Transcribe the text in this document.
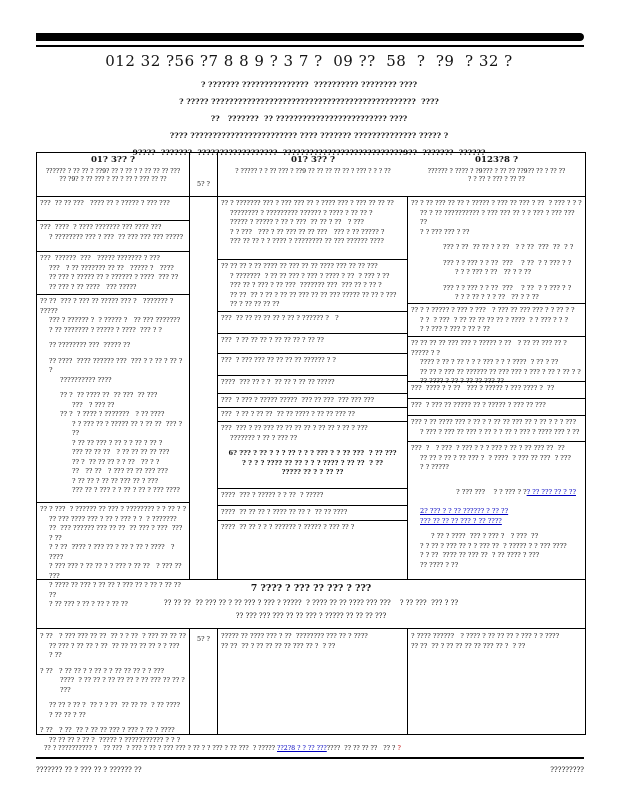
012 32 ?56 ?7 8 8 9 ? 3 7 ?  09 ??  58  ?  ?9  ? 32 ?
? ??????? ???????????????  ?????????? ???????? ????
? ????? ??????????????????????????????????????????????  ????
??   ???????  ?? ????????????????????????? ????
???? ???????????????????????? ???? ??????? ?????????????? ????? ?
9????  ???????  ??????????????????  ???????????????????????????9??  ???????  ??????
01? 3?? ?
?????? ? ?? ?? ? ??9? ?? ? ?? ? ? ?? ?? ?? ???
?? ?9? ? ?? ??? ? ?? ? ?? ? ??? ?? ??	5? ?
01? 3?? ?
? ????? ? ? ?? ??? ? ??9 ?? ?? ?? ?? ?? ? ??? ? ? ? ??
0123?8 ?
?????? ? ???? ? ?9??? ? ?? ?? ??9?? ?? ? ?? ??
? ? ?? ? ??? ? ?? ??
???  ?? ?? ???   ???? ?? ? ????? ? ??? ???
???  ????  ? ???? ??????? ??? ???? ???
? ???????? ??? ? ???  ?? ??? ??? ??? ?????
???  ??????  ???   ????? ??????? ? ???
???   ? ?? ??????? ?? ??   ????? ?   ????
?? ??? ? ????? ?? ? ?????? ? ????  ??? ??
?? ??? ? ?? ????   ??? ?????
?? ??  ??? ? ??? ?? ????? ??? ?   ??????? ? ?????
??? ? ?????? ?  ? ????? ?   ?? ??? ???????
? ?? ??????? ? ????? ? ????  ??? ? ?
?? ???????? ???  ????? ??
?? ????  ???? ?????? ???  ??? ? ? ?? ? ?? ? ?
?????????? ????
?? ?  ?? ???? ??  ?? ???  ?? ???
???   ? ??? ??
?? ?  ? ???? ? ???????   ? ?? ????
? ? ??? ?? ? ????? ?? ? ?? ??  ??? ? ??
? ?? ?? ??? ? ?? ? ? ?? ? ?? ?
??? ?? ?? ??   ? ?? ?? ?? ?? ???
?? ?  ?? ?? ?? ? ? ??   ?? ? ?
??   ?? ??   ? ??? ?? ?? ??? ???
? ?? ?? ? ?? ?? ??? ?? ? ???
??? ?? ? ??? ? ? ?? ? ?? ? ??? ????
?? ? ???  ? ?????? ?? ??? ? ???????? ? ? ?? ? ?
?? ??? ???? ??? ? ?? ? ??? ? ?  ? ???????
??  ??? ?????? ??? ?? ??  ?? ??? ? ???  ??? ? ??
? ? ??  ???? ? ??? ?? ? ?? ? ?? ? ????   ? ????
? ??? ??? ? ?? ?? ? ? ??? ? ?? ??   ? ??? ?? ???
? ???? ?? ??? ? ?? ?? ? ??? ?? ? ?? ? ?? ?? ??
? ?? ??? ? ?? ? ?? ? ?? ??
?? ? ??????? ??? ? ??? ??? ?? ? ???? ??? ? ??? ?? ?? ??
???????? ? ????????? ?????? ? ???? ? ?? ?? ?
????? ? ????? ? ?? ? ???  ?? ?? ? ??   ? ???
? ? ???   ??? ? ?? ??? ?? ?? ???   ??? ? ?? ????? ?
??? ?? ?? ? ? ???? ? ???????? ?? ??? ?????? ????
?? ?? ?? ? ?? ???? ?? ??? ?? ?? ???? ??? ?? ?? ???
? ???????  ? ?? ?? ??? ? ??? ? ???? ? ??  ? ??? ? ??
??? ?? ? ??? ? ?? ???  ??????? ???  ??? ?? ? ?? ?
?? ??  ?? ? ?? ? ?? ?? ??? ?? ?? ??? ????? ?? ?? ? ???
?? ? ?? ?? ?? ??
???  ?? ?? ?? ?? ?? ? ?? ? ?????? ?   ?
???  ? ?? ?? ?? ? ?? ?? ?? ? ?? ??
???  ? ??? ??? ?? ?? ?? ?? ?????? ? ?
????  ??? ?? ? ?  ?? ?? ? ?? ?? ?????
???  ? ??? ? ????? ?????  ??? ?? ???  ??? ??? ???
???  ? ?? ? ?? ??  ?? ?? ???? ? ?? ?? ??? ??
???  ??? ? ?? ??? ?? ?? ?? ?? ? ?? ?? ? ?? ? ???
??????? ? ?? ? ??? ??
6? ??? ? ?? ? ? ? ?? ? ? ? ??? ? ? ?? ???  ? ?? ???
? ? ? ? ???? ?? ?? ? ? ? ???? ? ?? ??  ? ??
????? ?? ? ? ?? ??
????  ??? ? ????? ? ? ??  ? ?????
????  ?? ?? ?? ? ???? ?? ?? ?  ?? ?? ????
????  ?? ?? ? ? ? ?????? ? ????? ? ??? ?? ?
?? ? ?? ??? ?? ?? ? ????? ? ??? ?? ??? ? ??  ? ??? ? ? ?
?? ? ?? ?????????? ? ??? ??? ?? ? ? ??? ? ??? ??? ??
? ? ??? ??? ? ??
??? ? ??  ?? ?? ? ? ??   ? ? ??  ???  ??  ? ?
??? ? ? ??? ? ? ??  ???    ? ??  ? ? ??? ? ?
? ? ? ??? ? ??   ?? ? ? ??
??? ? ? ??? ? ? ??  ???    ? ??  ? ? ??? ? ?
? ? ? ?? ? ? ? ??   ?? ? ? ??
?? ? ? ????? ? ??? ? ???   ? ??? ?? ??? ??? ? ? ?? ? ?
? ?  ? ???  ? ?? ?? ?? ?? ?? ? ????  ? ? ??? ? ? ?
? ? ??? ? ??? ? ?? ? ??
?? ?? ?? ?? ??? ??? ? ????? ? ??   ? ?? ?? ??? ?? ? ????? ? ?
???? ? ?? ? ?? ? ? ? ??? ? ? ? ????  ? ?? ? ??
?? ?? ? ??? ?? ?????? ?? ??? ??? ? ??? ? ?? ? ?? ? ?
?? ???? ? ?? ? ?? ?? ??? ??
???  ???? ? ? ??   ??? ? ????? ? ??? ???? ?  ??
???  ? ??? ?? ????? ?? ? ????? ? ??? ?? ???
??? ? ?? ???? ??? ? ?? ? ? ?? ?? ??? ?? ? ?? ? ? ? ???
? ??? ? ??? ?? ??? ? ?? ? ? ?? ? ??? ? ???? ??? ? ??
???  ?   ? ???  ? ??? ? ? ? ??? ? ?? ? ?? ??? ??  ??
?? ?? ? ?? ? ?? ??? ?  ? ????  ? ??? ?? ???  ? ???
? ? ?????

? ??? ???    ? ? ??? ? ?? ?? ??? ?? ? ??

2? ??? ? ? ?? ?????? ? ?? ??
??? ?? ?? ?? ??? ? ?? ????
? ?? ? ????  ??? ? ??? ?   ? ???  ??
? ? ?? ? ??? ?? ? ? ??? ??  ? ????? ? ? ??? ????
? ? ??  ???? ?? ??? ??  ? ?? ???? ? ???
?? ???? ? ??
7 ???? ? ??? ?? ??? ? ???
?? ?? ??  ?? ??? ?? ? ?? ??? ? ??? ? ?????  ? ???? ?? ?? ???? ??? ???    ? ?? ???  ??? ? ??
?? ??? ??? ??? ?? ?? ??? ? ????? ?? ?? ?? ???
? ??   ? ??? ??? ?? ??  ?? ? ? ??  ? ??? ?? ?? ??
?? ??? ? ?? ?? ? ??  ?? ?? ?? ?? ?? ? ? ???  ? ??
? ??   ? ?? ?? ? ? ?? ? ? ?? ?? ?? ? ? ???
????  ? ?? ?? ? ?? ?? ?? ? ?? ??? ?? ?? ? ???
?? ?? ? ?? ?  ?? ? ? ??  ?? ?? ??  ? ?? ????
? ?? ?? ? ??
? ??   ? ??  ?? ? ?? ?? ??? ? ??? ? ?? ? ????
?? ?? ?? ? ?? ?  ????? ? ??????????? ? ? ?
5? ? ????? ?? ???? ??? ? ??  ???????? ??? ?? ? ????
?? ??  ?? ? ?? ?? ?? ?? ??? ?? ?  ? ??
? ???? ??????   ? ???? ? ?? ?? ?? ? ??? ? ? ????
?? ??  ?? ? ?? ?? ?? ?? ??? ?? ?  ? ??

?? ? ?????????? ?   ?? ???  ? ??? ? ?? ? ??? ??? ? ?? ? ? ??? ? ?? ???  ? ????? ??2?8 ? ? ?? ???????  ?? ?? ?? ??   ?? ? ?

??????? ?? ? ??? ?? ? ?????? ??	?????????
